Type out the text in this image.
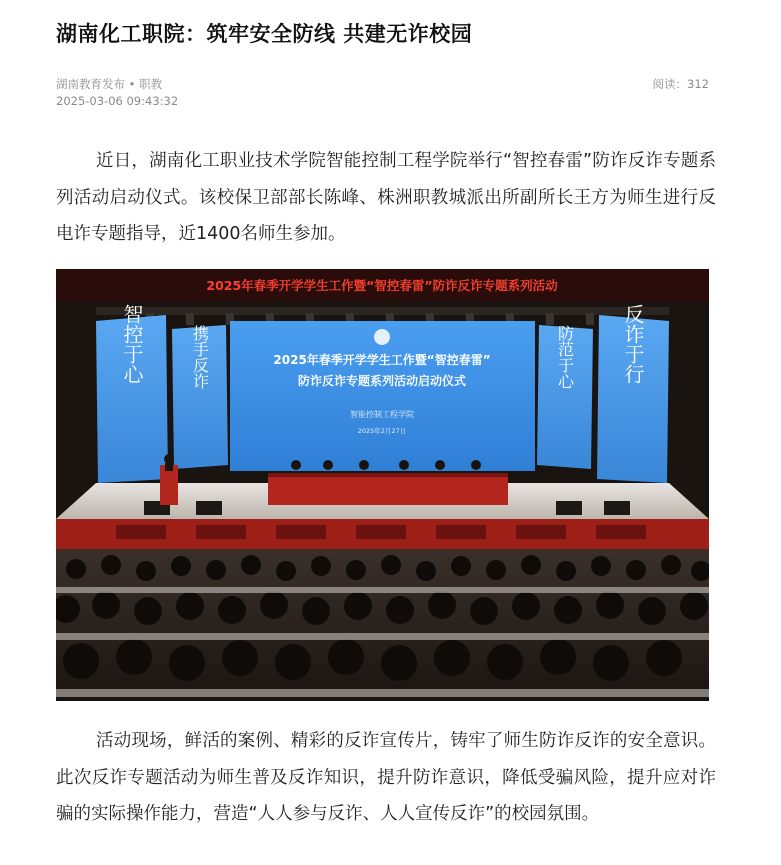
湖南化工职院：筑牢安全防线 共建无诈校园
湖南教育发布 • 职教
2025-03-06 09:43:32
阅读：312

近日，湖南化工职业技术学院智能控制工程学院举行“智控春雷”防诈反诈专题系列活动启动仪式。该校保卫部部长陈峰、株洲职教城派出所副所长王方为师生进行反电诈专题指导，近1400名师生参加。

2025年春季开学学生工作暨“智控春雷”防诈反诈专题系列活动
智控于心	携手反诈	防范于心 反诈于行
2025年春季开学学生工作暨“智控春雷”
防诈反诈专题系列活动启动仪式
智能控制工程学院
2025年2月27日

活动现场，鲜活的案例、精彩的反诈宣传片，铸牢了师生防诈反诈的安全意识。此次反诈专题活动为师生普及反诈知识，提升防诈意识，降低受骗风险，提升应对诈骗的实际操作能力，营造“人人参与反诈、人人宣传反诈”的校园氛围。
